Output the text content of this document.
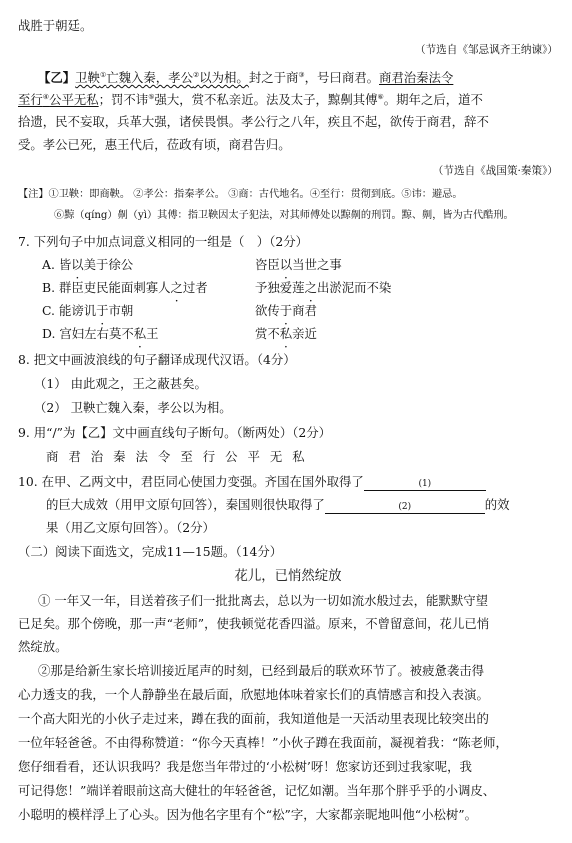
战胜于朝廷。
（节选自《邹忌讽齐王纳谏》）
【乙】卫鞅①亡魏入秦，孝公②以为相。封之于商③，号曰商君。商君治秦法令
至行④公平无私；罚不讳⑤强大，赏不私亲近。法及太子，黥劓其傅⑥。期年之后，道不
拾遗，民不妄取，兵革大强，诸侯畏惧。孝公行之八年，疾且不起，欲传于商君，辞不
受。孝公已死，惠王代后，莅政有顷，商君告归。
（节选自《战国策·秦策》）
【注】①卫鞅：即商鞅。 ②孝公：指秦孝公。 ③商：古代地名。④至行：贯彻到底。⑤讳：避忌。
⑥黥（qíng）劓（yì）其傅：指卫鞅因太子犯法，对其师傅处以黥劓的刑罚。黥、劓，皆为古代酷刑。
7. 下列句子中加点词意义相同的一组是（　）（2分）
A. 皆以美于徐公	咨臣以当世之事
B. 群臣吏民能面刺寡人之过者	予独爱莲之出淤泥而不染
C. 能谤讥于市朝	欲传于商君
D. 宫妇左右莫不私王	赏不私亲近
8. 把文中画波浪线的句子翻译成现代汉语。（4分）
（1） 由此观之，王之蔽甚矣。
（2） 卫鞅亡魏入秦，孝公以为相。
9. 用“/”为【乙】文中画直线句子断句。（断两处）（2分）
商君治秦法令至行公平无私
10. 在甲、乙两文中，君臣同心使国力变强。齐国在国外取得了	(1)
的巨大成效（用甲文原句回答），秦国则很快取得了	(2)	的效
果（用乙文原句回答）。（2分）
（二）阅读下面选文，完成11—15题。（14分）
花儿，已悄然绽放
① 一年又一年，目送着孩子们一批批离去，总以为一切如流水般过去，能默默守望
已足矣。那个傍晚，那一声“老师”，使我顿觉花香四溢。原来，不曾留意间，花儿已悄
然绽放。
②那是给新生家长培训接近尾声的时刻，已经到最后的联欢环节了。被疲惫袭击得
心力透支的我，一个人静静坐在最后面，欣慰地体味着家长们的真情感言和投入表演。
一个高大阳光的小伙子走过来，蹲在我的面前，我知道他是一天活动里表现比较突出的
一位年轻爸爸。不由得称赞道：“你今天真棒！”小伙子蹲在我面前，凝视着我：“陈老师，
您仔细看看，还认识我吗？我是您当年带过的‘小松树’呀！您家访还到过我家呢，我
可记得您！”端详着眼前这高大健壮的年轻爸爸，记忆如潮。当年那个胖乎乎的小调皮、
小聪明的模样浮上了心头。因为他名字里有个“松”字，大家都亲昵地叫他“小松树”。
